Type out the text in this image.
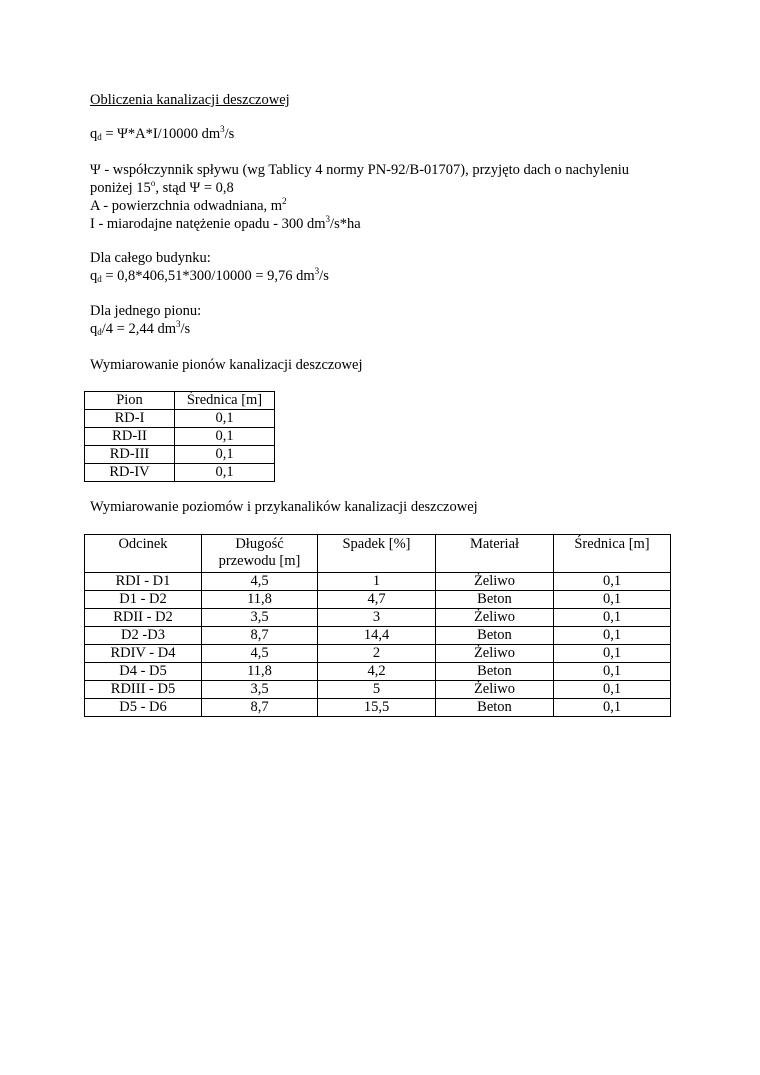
Obliczenia kanalizacji deszczowej
$q_d = \Psi*A*I/10000$ $dm^3/s$
Ψ - współczynnik spływu (wg Tablicy 4 normy PN-92/B-01707), przyjęto dach o nachyleniu
poniżej 15$^o$, stąd Ψ = 0,8
A - powierzchnia odwadniana, $m^2$
I - miarodajne natężenie opadu - 300 $dm^3/s*ha$
Dla całego budynku:
$q_d = 0,8*406,51*300/10000 = 9,76$ $dm^3/s$
Dla jednego pionu:
$q_d/4 = 2,44$ $dm^3/s$
Wymiarowanie pionów kanalizacji deszczowej
Pion	Średnica [m]
RD-I	0,1
RD-II	0,1
RD-III	0,1
RD-IV	0,1
Wymiarowanie poziomów i przykanalików kanalizacji deszczowej
Odcinek	Długość przewodu [m]	Spadek [%]	Materiał	Średnica [m]
RDI - D1	4,5	1	Żeliwo	0,1
D1 - D2	11,8	4,7	Beton	0,1
RDII - D2	3,5	3	Żeliwo	0,1
D2 -D3	8,7	14,4	Beton	0,1
RDIV - D4	4,5	2	Żeliwo	0,1
D4 - D5	11,8	4,2	Beton	0,1
RDIII - D5	3,5	5	Żeliwo	0,1
D5 - D6	8,7	15,5	Beton	0,1
